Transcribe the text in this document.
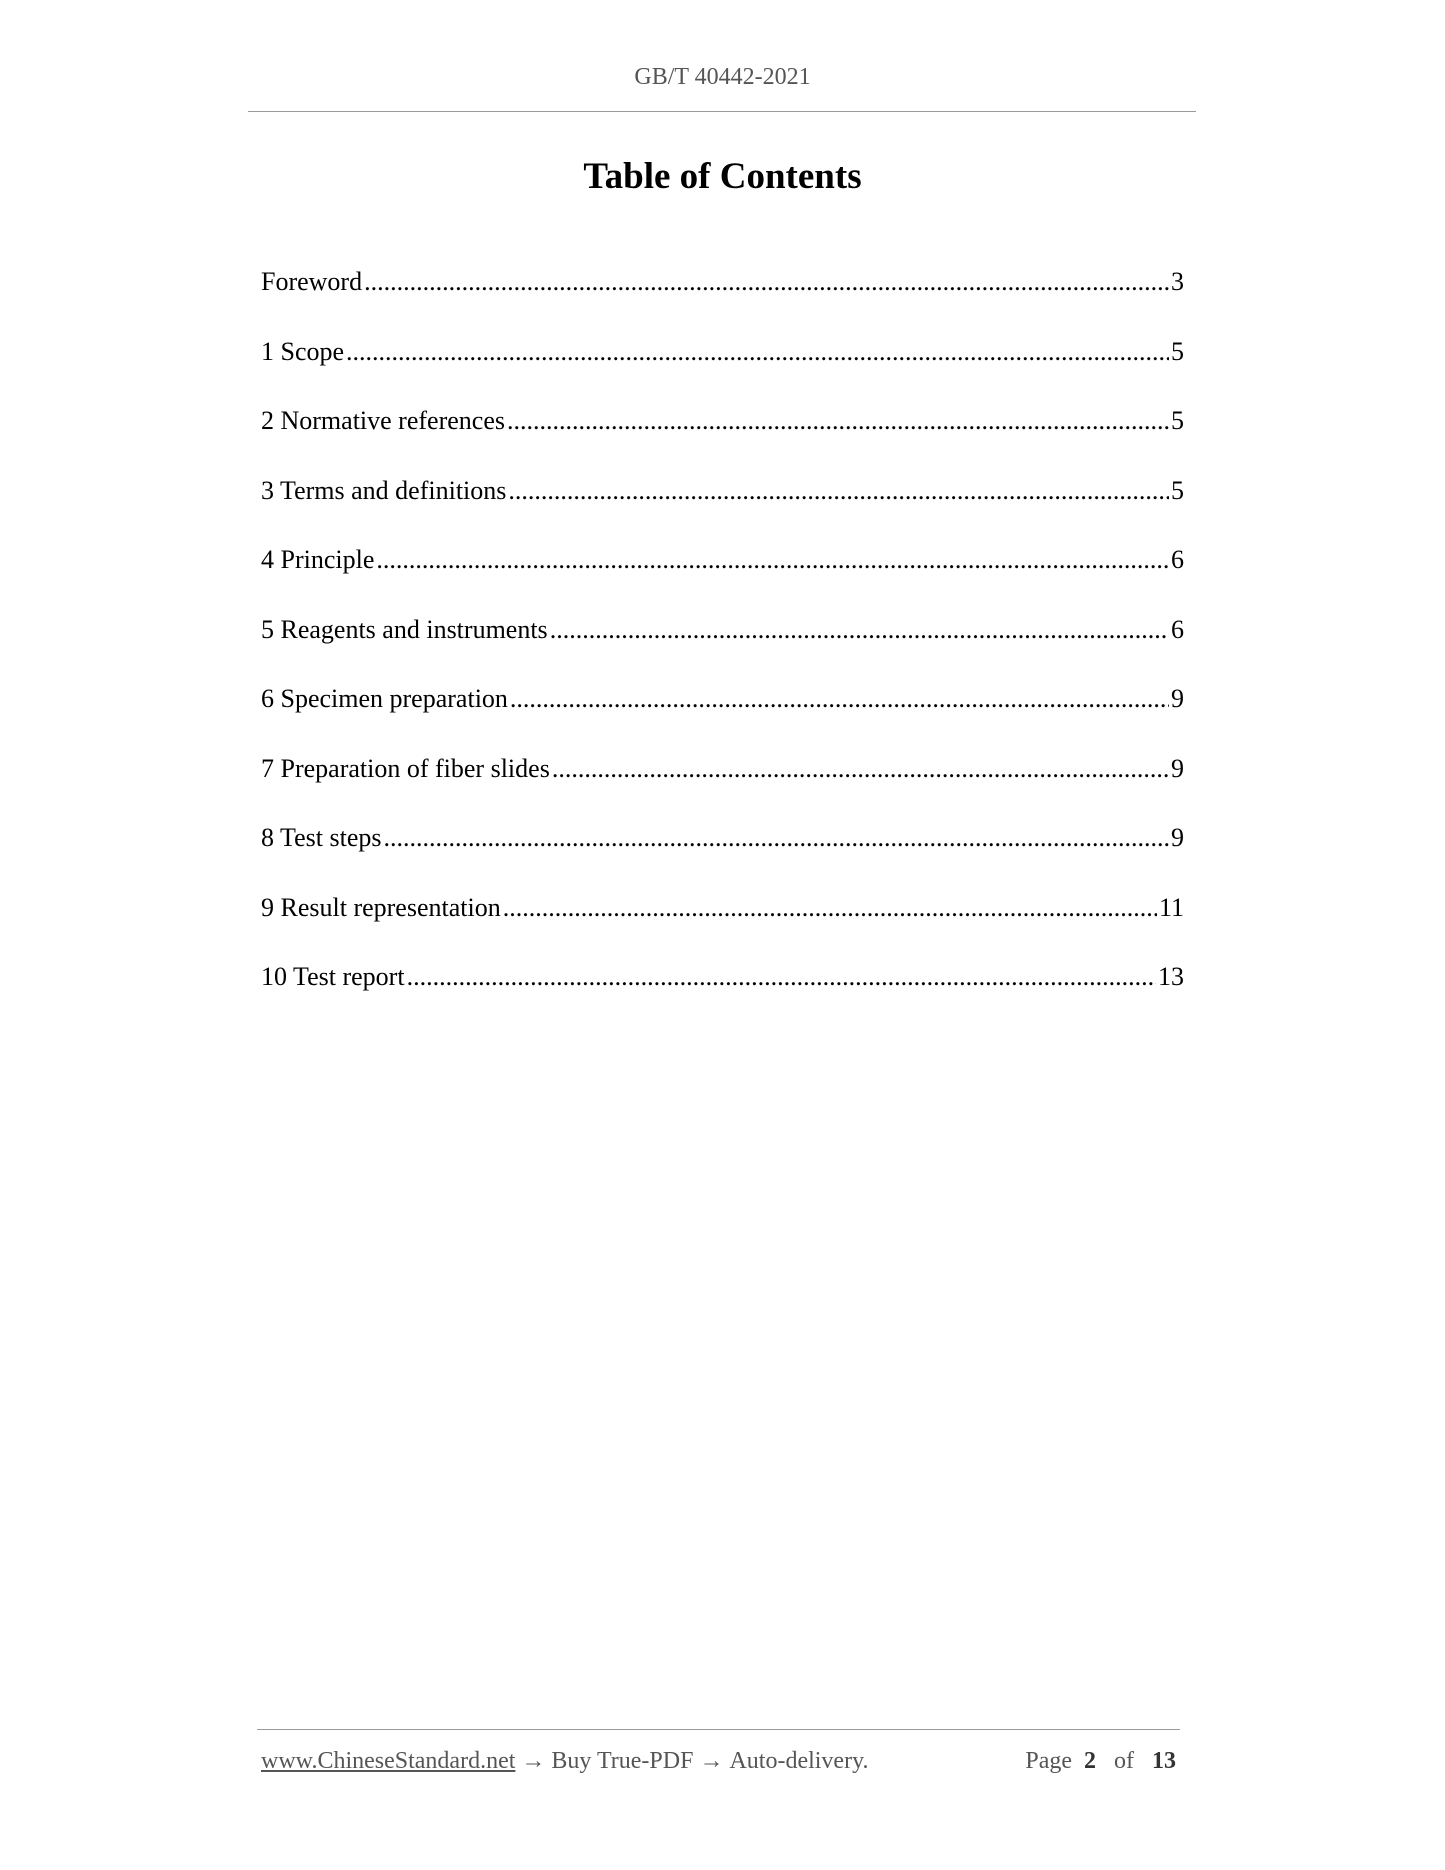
GB/T 40442-2021
Table of Contents
Foreword .....	3
1 Scope .....	5
2 Normative references .....	5
3 Terms and definitions .....	5
4 Principle .....	6
5 Reagents and instruments .....	6
6 Specimen preparation .....	9
7 Preparation of fiber slides .....	9
8 Test steps .....	9
9 Result representation .....	11
10 Test report .....	13
www.ChineseStandard.net → Buy True-PDF → Auto-delivery.	Page 2 of 13
